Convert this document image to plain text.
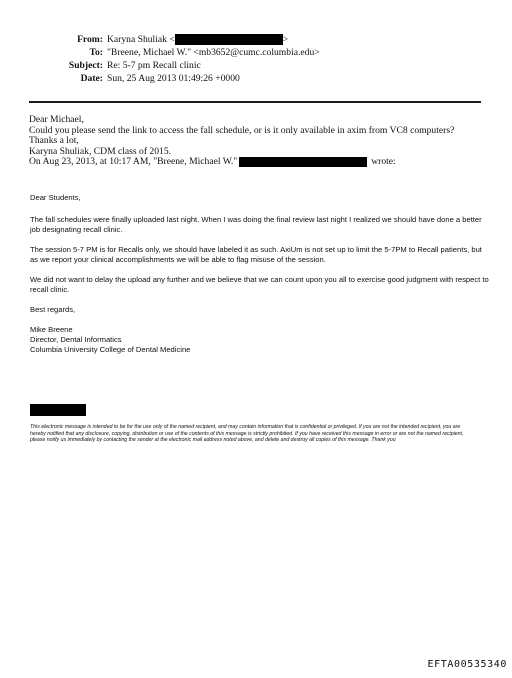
From: Karyna Shuliak <	>
To: "Breene, Michael W." <mb3652@cumc.columbia.edu>
Subject: Re: 5-7 pm Recall clinic
Date: Sun, 25 Aug 2013 01:49:26 +0000
Dear Michael,
Could you please send the link to access the fall schedule, or is it only available in axim from VC8 computers?
Thanks a lot,
Karyna Shuliak, CDM class of 2015.
On Aug 23, 2013, at 10:17 AM, "Breene, Michael W."	wrote:

Dear Students,

The fall schedules were finally uploaded last night. When I was doing the final review last night I realized we should have done a better job designating recall clinic.

The session 5-7 PM is for Recalls only, we should have labeled it as such. AxiUm is not set up to limit the 5-7PM to Recall patients, but as we report your clinical accomplishments we will be able to flag misuse of the session.

We did not want to delay the upload any further and we believe that we can count upon you all to exercise good judgment with respect to recall clinic.

Best regards,

Mike Breene

Director, Dental Informatics

Columbia University College of Dental Medicine

This electronic message is intended to be for the use only of the named recipient, and may contain information that is confidential or privileged. If you are not the intended recipient, you are hereby notified that any disclosure, copying, distribution or use of the contents of this message is strictly prohibited. If you have received this message in error or are not the named recipient, please notify us immediately by contacting the sender at the electronic mail address noted above, and delete and destroy all copies of this message. Thank you
EFTA00535340
